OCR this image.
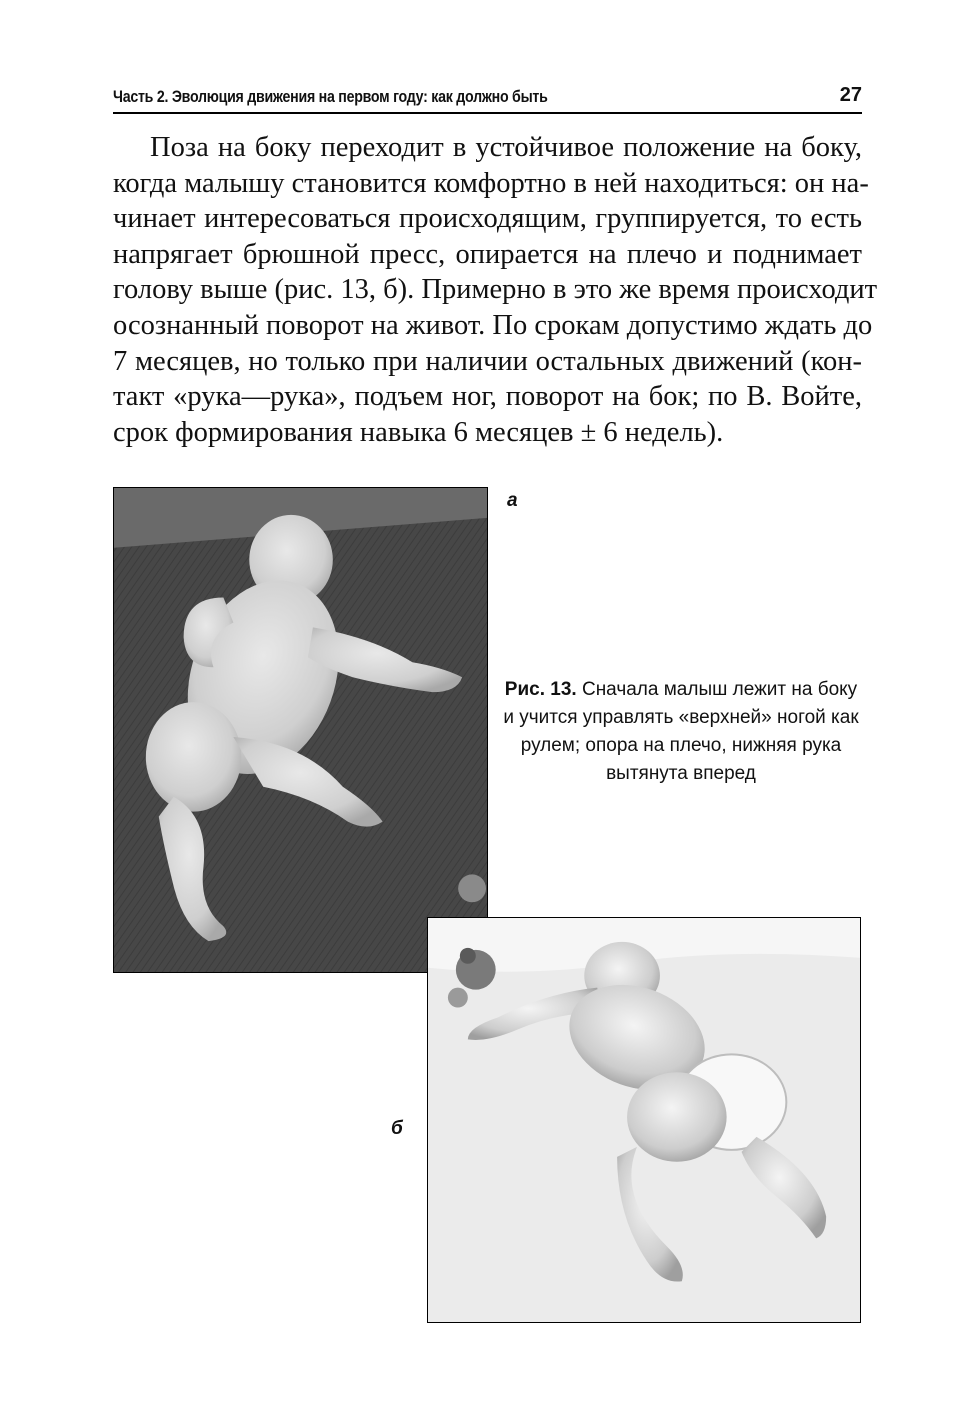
Часть 2. Эволюция движения на первом году: как должно быть	27
Поза на боку переходит в устойчивое положение на боку,
когда малышу становится комфортно в ней находиться: он на-
чинает интересоваться происходящим, группируется, то есть
напрягает брюшной пресс, опирается на плечо и поднимает
голову выше (рис. 13, б). Примерно в это же время происходит
осознанный поворот на живот. По срокам допустимо ждать до
7 месяцев, но только при наличии остальных движений (кон-
такт «рука—рука», подъем ног, поворот на бок; по В. Войте,
срок формирования навыка 6 месяцев ± 6 недель).
а
Рис. 13. Сначала малыш лежит на боку и учится управлять «верхней» ногой как рулем; опора на плечо, нижняя рука вытянута вперед
б
